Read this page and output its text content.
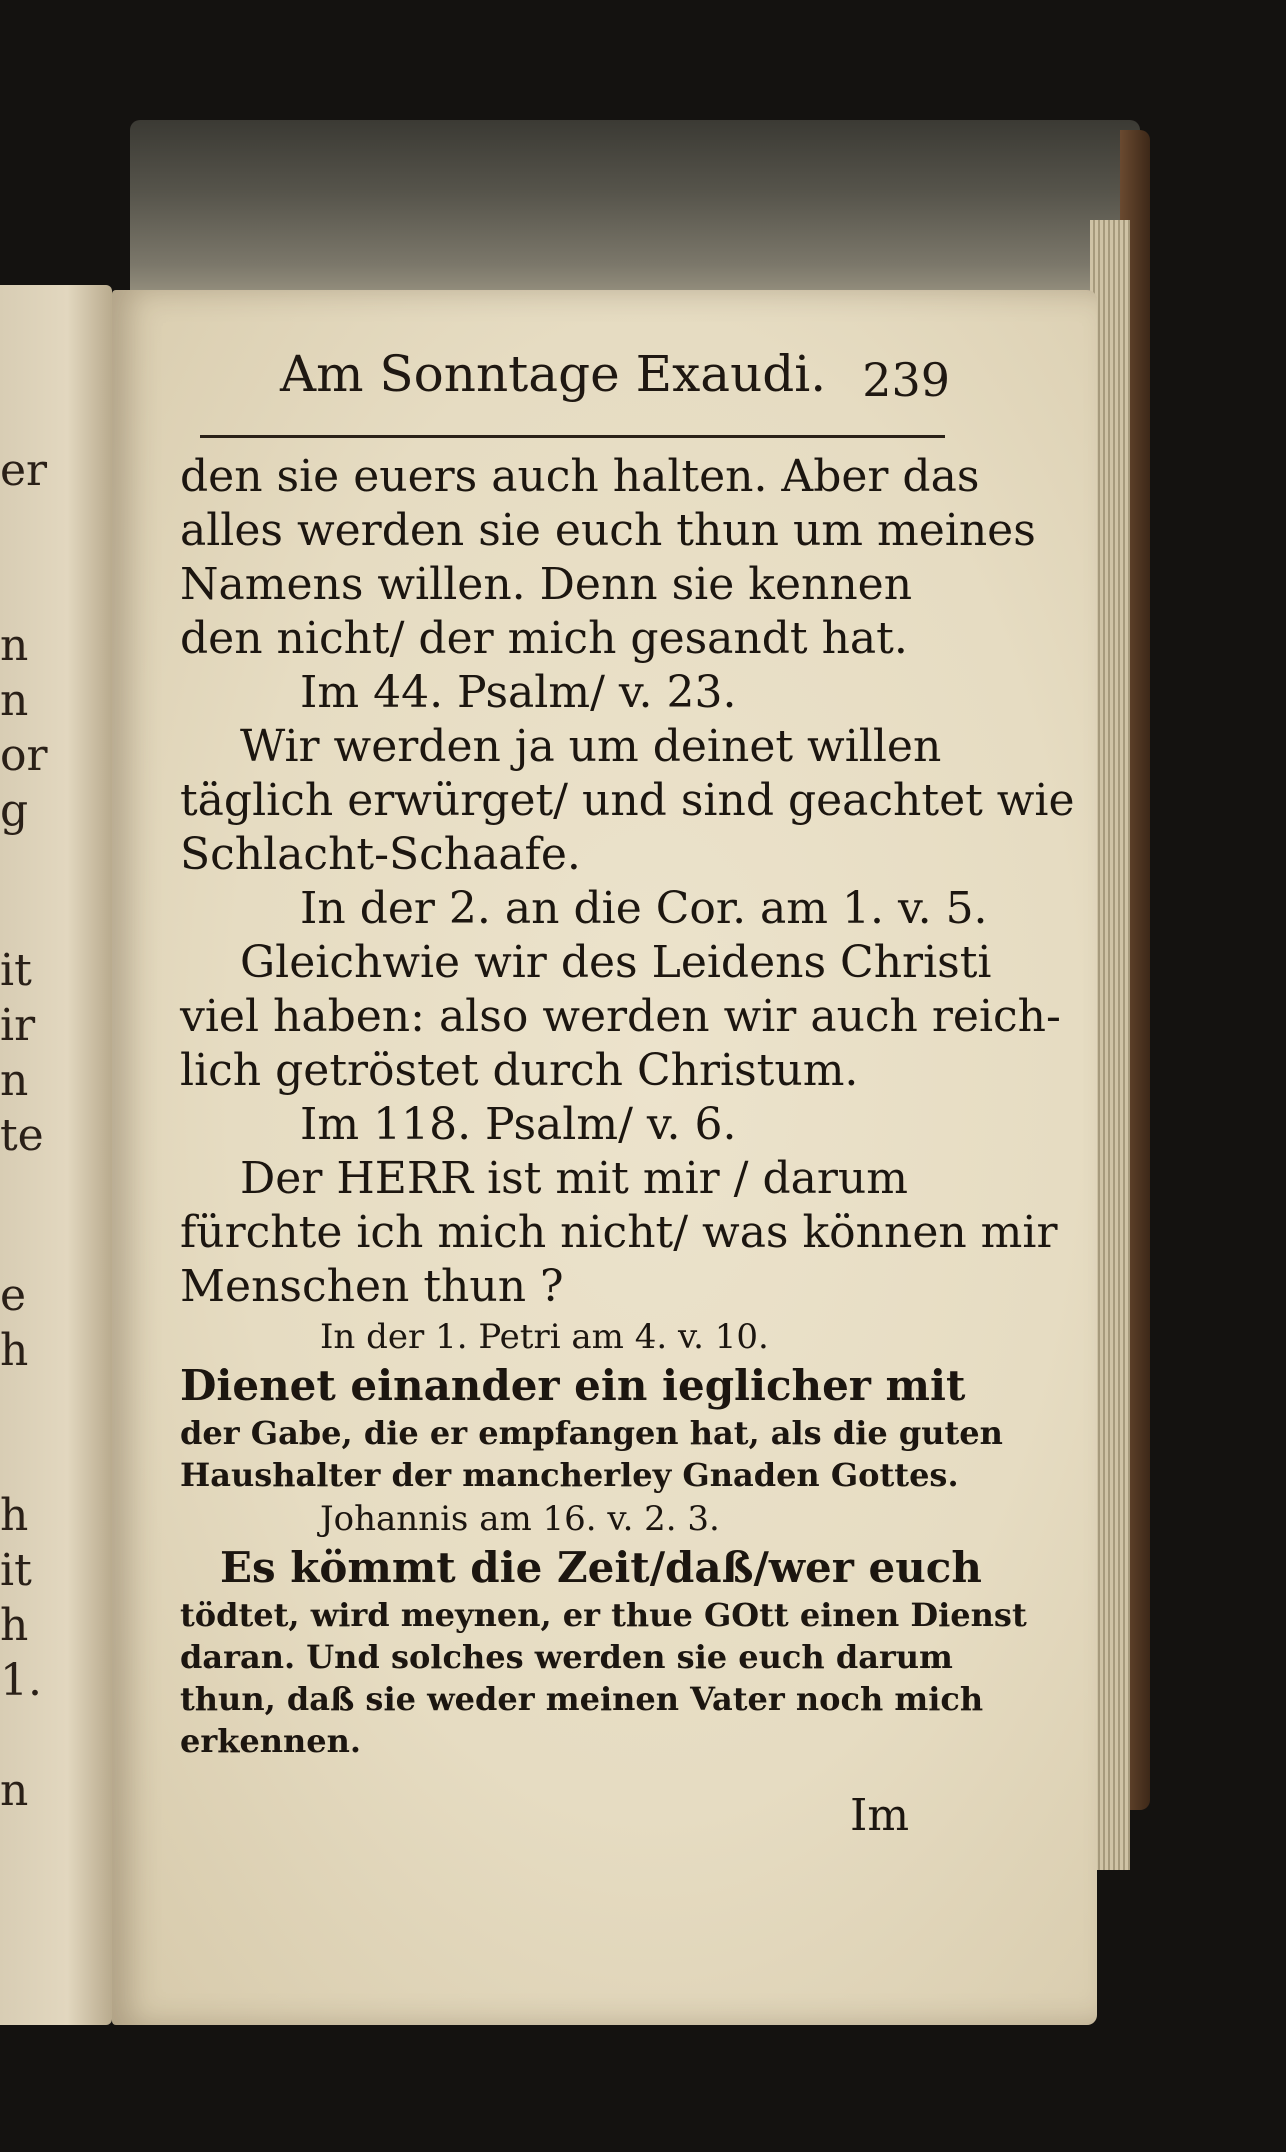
er
n
n
or
g
it
ir
n
te
e
h
h
it
h
1.
n
Am Sonntage Exaudi. 239
den sie euers auch halten. Aber das
alles werden sie euch thun um meines
Namens willen. Denn sie kennen
den nicht/ der mich gesandt hat.
Im 44. Psalm/ v. 23.
Wir werden ja um deinet willen
täglich erwürget/ und sind geachtet wie
Schlacht-Schaafe.
In der 2. an die Cor. am 1. v. 5.
Gleichwie wir des Leidens Christi
viel haben: also werden wir auch reich-
lich getröstet durch Christum.
Im 118. Psalm/ v. 6.
Der HERR ist mit mir / darum
fürchte ich mich nicht/ was können mir
Menschen thun ?
In der 1. Petri am 4. v. 10.
Dienet einander ein ieglicher mit
der Gabe, die er empfangen hat, als die guten
Haushalter der mancherley Gnaden Gottes.
Johannis am 16. v. 2. 3.
Es kömmt die Zeit/daß/wer euch
tödtet, wird meynen, er thue GOtt einen Dienst
daran. Und solches werden sie euch darum
thun, daß sie weder meinen Vater noch mich
erkennen.
Im
